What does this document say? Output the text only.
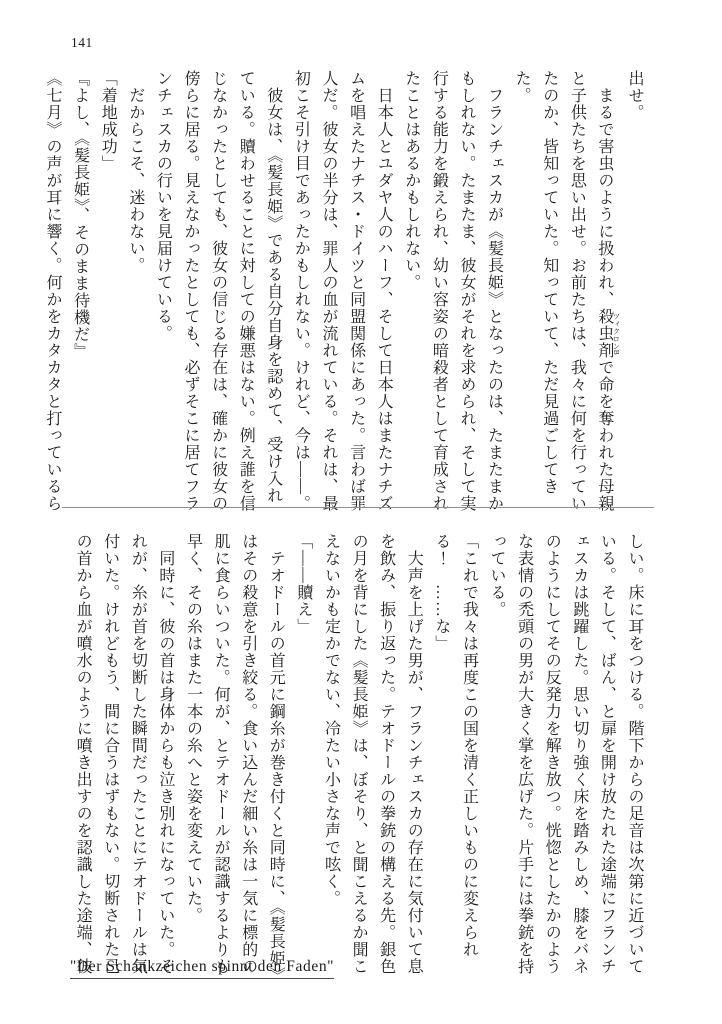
141

出せ。

まるで害虫のように扱われ、殺虫剤 ツィクロンBで命を奪われた母親と子供たちを思い出せ。お前たちは、我々に何を行っていたのか、皆知っていた。知っていて、ただ見過ごしてきた。

フランチェスカが《髪長姫》となったのは、たまたまかもしれない。たまたま、彼女がそれを求められ、そして実行する能力を鍛えられ、幼い容姿の暗殺者として育成されたことはあるかもしれない。

日本人とユダヤ人のハーフ、そして日本人はまたナチズムを唱えたナチス・ドイツと同盟関係にあった。言わば罪人だ。彼女の半分は、罪人の血が流れている。それは、最初こそ引け目であったかもしれない。けれど、今は——。

彼女は、《髪長姫》である自分自身を認めて、受け入れている。贖わせることに対しての嫌悪はない。例え誰を信じなかったとしても、彼女の信じる存在は、確かに彼女の傍らに居る。見えなかったとしても、必ずそこに居てフランチェスカの行いを見届けている。

だからこそ、迷わない。

「着地成功」

『よし、《髪長姫》、そのまま待機だ』

《七月》の声が耳に響く。何かをカタカタと打っているら

しい。床に耳をつける。階下からの足音は次第に近づいている。そして、ばん、と扉を開け放たれた途端にフランチェスカは跳躍した。思い切り強く床を踏みしめ、膝をバネのようにしてその反発力を解き放つ。恍惚としたかのような表情の禿頭の男が大きく掌を広げた。片手には拳銃を持っている。

「これで我々は再度この国を清く正しいものに変えられる！　……な」

大声を上げた男が、フランチェスカの存在に気付いて息を飲み、振り返った。テオドールの拳銃の構える先。銀色の月を背にした《髪長姫》は、ぼそり、と聞こえるか聞こえないかも定かでない、冷たい小さな声で呟く。

「——贖え」

テオドールの首元に鋼糸が巻き付くと同時に、《髪長姫》はその殺意を引き絞る。食い込んだ細い糸は一気に標的の肌に食らいついた。何が、とテオドールが認識するよりも早く、その糸はまた一本の糸へと姿を変えていた。

同時に、彼の首は身体からも泣き別れになっていた。それが、糸が首を切断した瞬間だったことにテオドールは気付いた。けれどもう、間に合うはずもない。切断された己の首から血が噴水のように噴き出すのを認識した途端、彼

"Der Schankzeichen spinnt den Faden"
